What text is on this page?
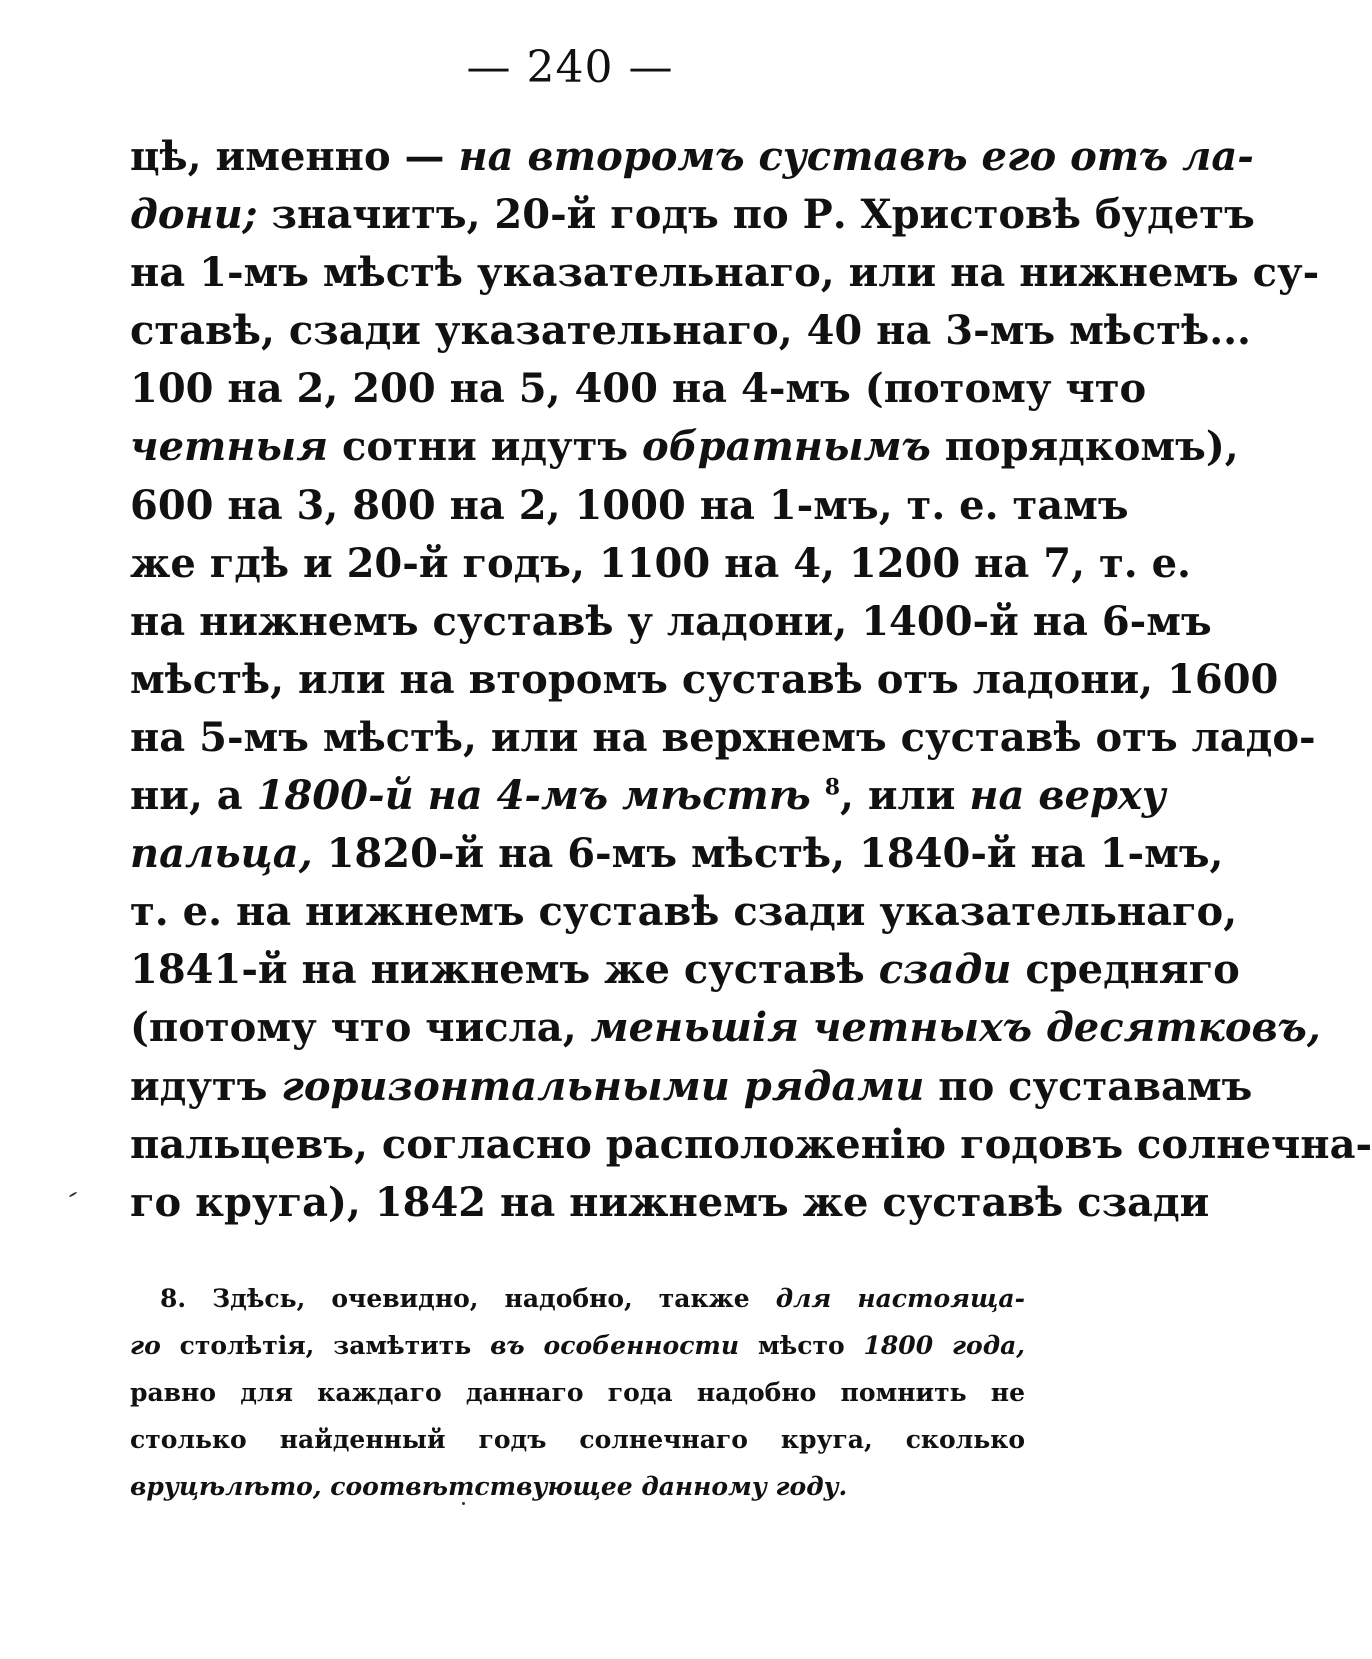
— 240 —
цѣ, именно — на второмъ суставѣ его отъ ла-
дони; значитъ, 20-й годъ по Р. Христовѣ будетъ
на 1-мъ мѣстѣ указательнаго, или на нижнемъ су-
ставѣ, сзади указательнаго, 40 на 3-мъ мѣстѣ...
100 на 2, 200 на 5, 400 на 4-мъ (потому что
четныя сотни идутъ обратнымъ порядкомъ),
600 на 3, 800 на 2, 1000 на 1-мъ, т. е. тамъ
же гдѣ и 20-й годъ, 1100 на 4, 1200 на 7, т. е.
на нижнемъ суставѣ у ладони, 1400-й на 6-мъ
мѣстѣ, или на второмъ суставѣ отъ ладони, 1600
на 5-мъ мѣстѣ, или на верхнемъ суставѣ отъ ладо-
ни, а 1800-й на 4-мъ мѣстѣ $^8$, или на верху
пальца, 1820-й на 6-мъ мѣстѣ, 1840-й на 1-мъ,
т. е. на нижнемъ суставѣ сзади указательнаго,
1841-й на нижнемъ же суставѣ сзади средняго
(потому что числа, меньшія четныхъ десятковъ,
идутъ горизонтальными рядами по суставамъ
пальцевъ, согласно расположенію годовъ солнечна-
го круга), 1842 на нижнемъ же суставѣ сзади
8. Здѣсь, очевидно, надобно, также для настояща-
го столѣтія, замѣтить въ особенности мѣсто 1800 года,
равно для каждаго даннаго года надобно помнить не
столько найденный годъ солнечнаго круга, сколько
вруцѣлѣто, соотвѣтствующее данному году.
